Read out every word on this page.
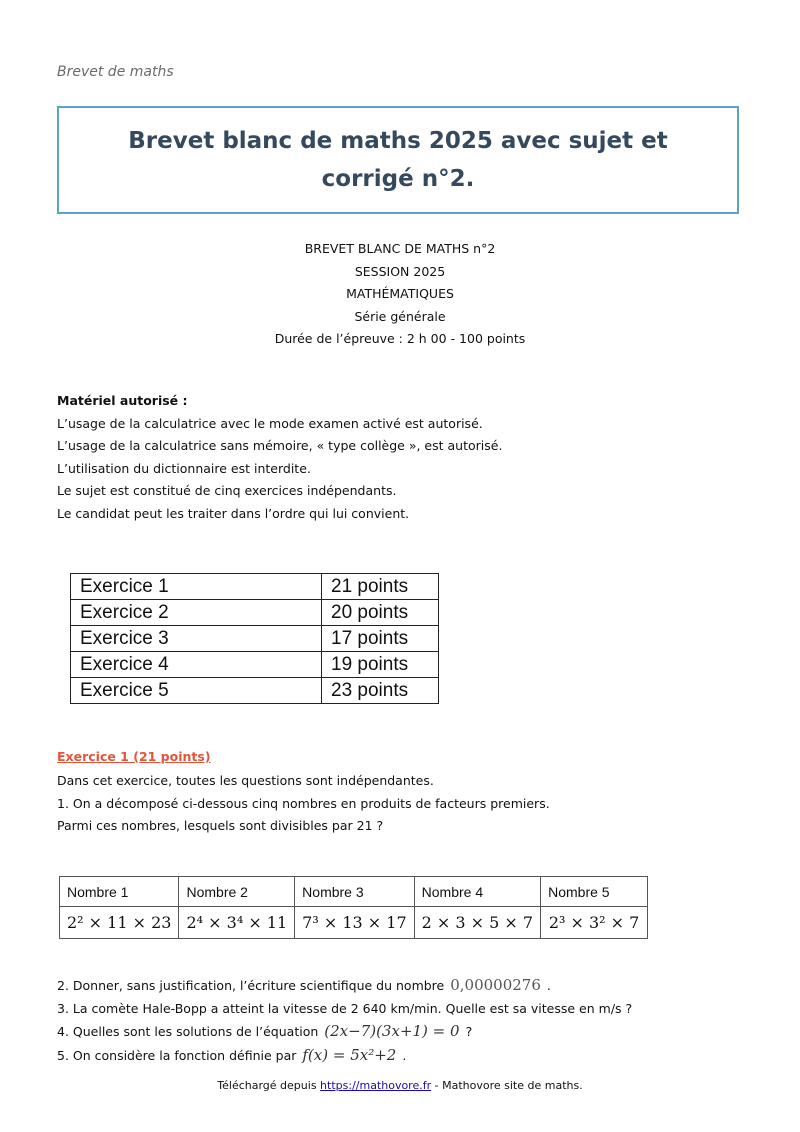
Brevet de maths
Brevet blanc de maths 2025 avec sujet et corrigé n°2.
BREVET BLANC DE MATHS n°2
SESSION 2025
MATHÉMATIQUES
Série générale
Durée de l’épreuve : 2 h 00 - 100 points
Matériel autorisé :
L’usage de la calculatrice avec le mode examen activé est autorisé.
L’usage de la calculatrice sans mémoire, « type collège », est autorisé.
L’utilisation du dictionnaire est interdite.
Le sujet est constitué de cinq exercices indépendants.
Le candidat peut les traiter dans l’ordre qui lui convient.
Exercice 1	21 points
Exercice 2	20 points
Exercice 3	17 points
Exercice 4	19 points
Exercice 5	23 points
Exercice 1 (21 points)
Dans cet exercice, toutes les questions sont indépendantes.
1. On a décomposé ci-dessous cinq nombres en produits de facteurs premiers.
Parmi ces nombres, lesquels sont divisibles par 21 ?
Nombre 1	Nombre 2	Nombre 3	Nombre 4	Nombre 5
2² × 11 × 23	2⁴ × 3⁴ × 11	7³ × 13 × 17	2 × 3 × 5 × 7	2³ × 3² × 7
2. Donner, sans justification, l’écriture scientifique du nombre 0,00000276 .
3. La comète Hale-Bopp a atteint la vitesse de 2 640 km/min. Quelle est sa vitesse en m/s ?
4. Quelles sont les solutions de l’équation (2x−7)(3x+1) = 0 ?
5. On considère la fonction définie par f(x) = 5x²+2 .
Téléchargé depuis https://mathovore.fr - Mathovore site de maths.
